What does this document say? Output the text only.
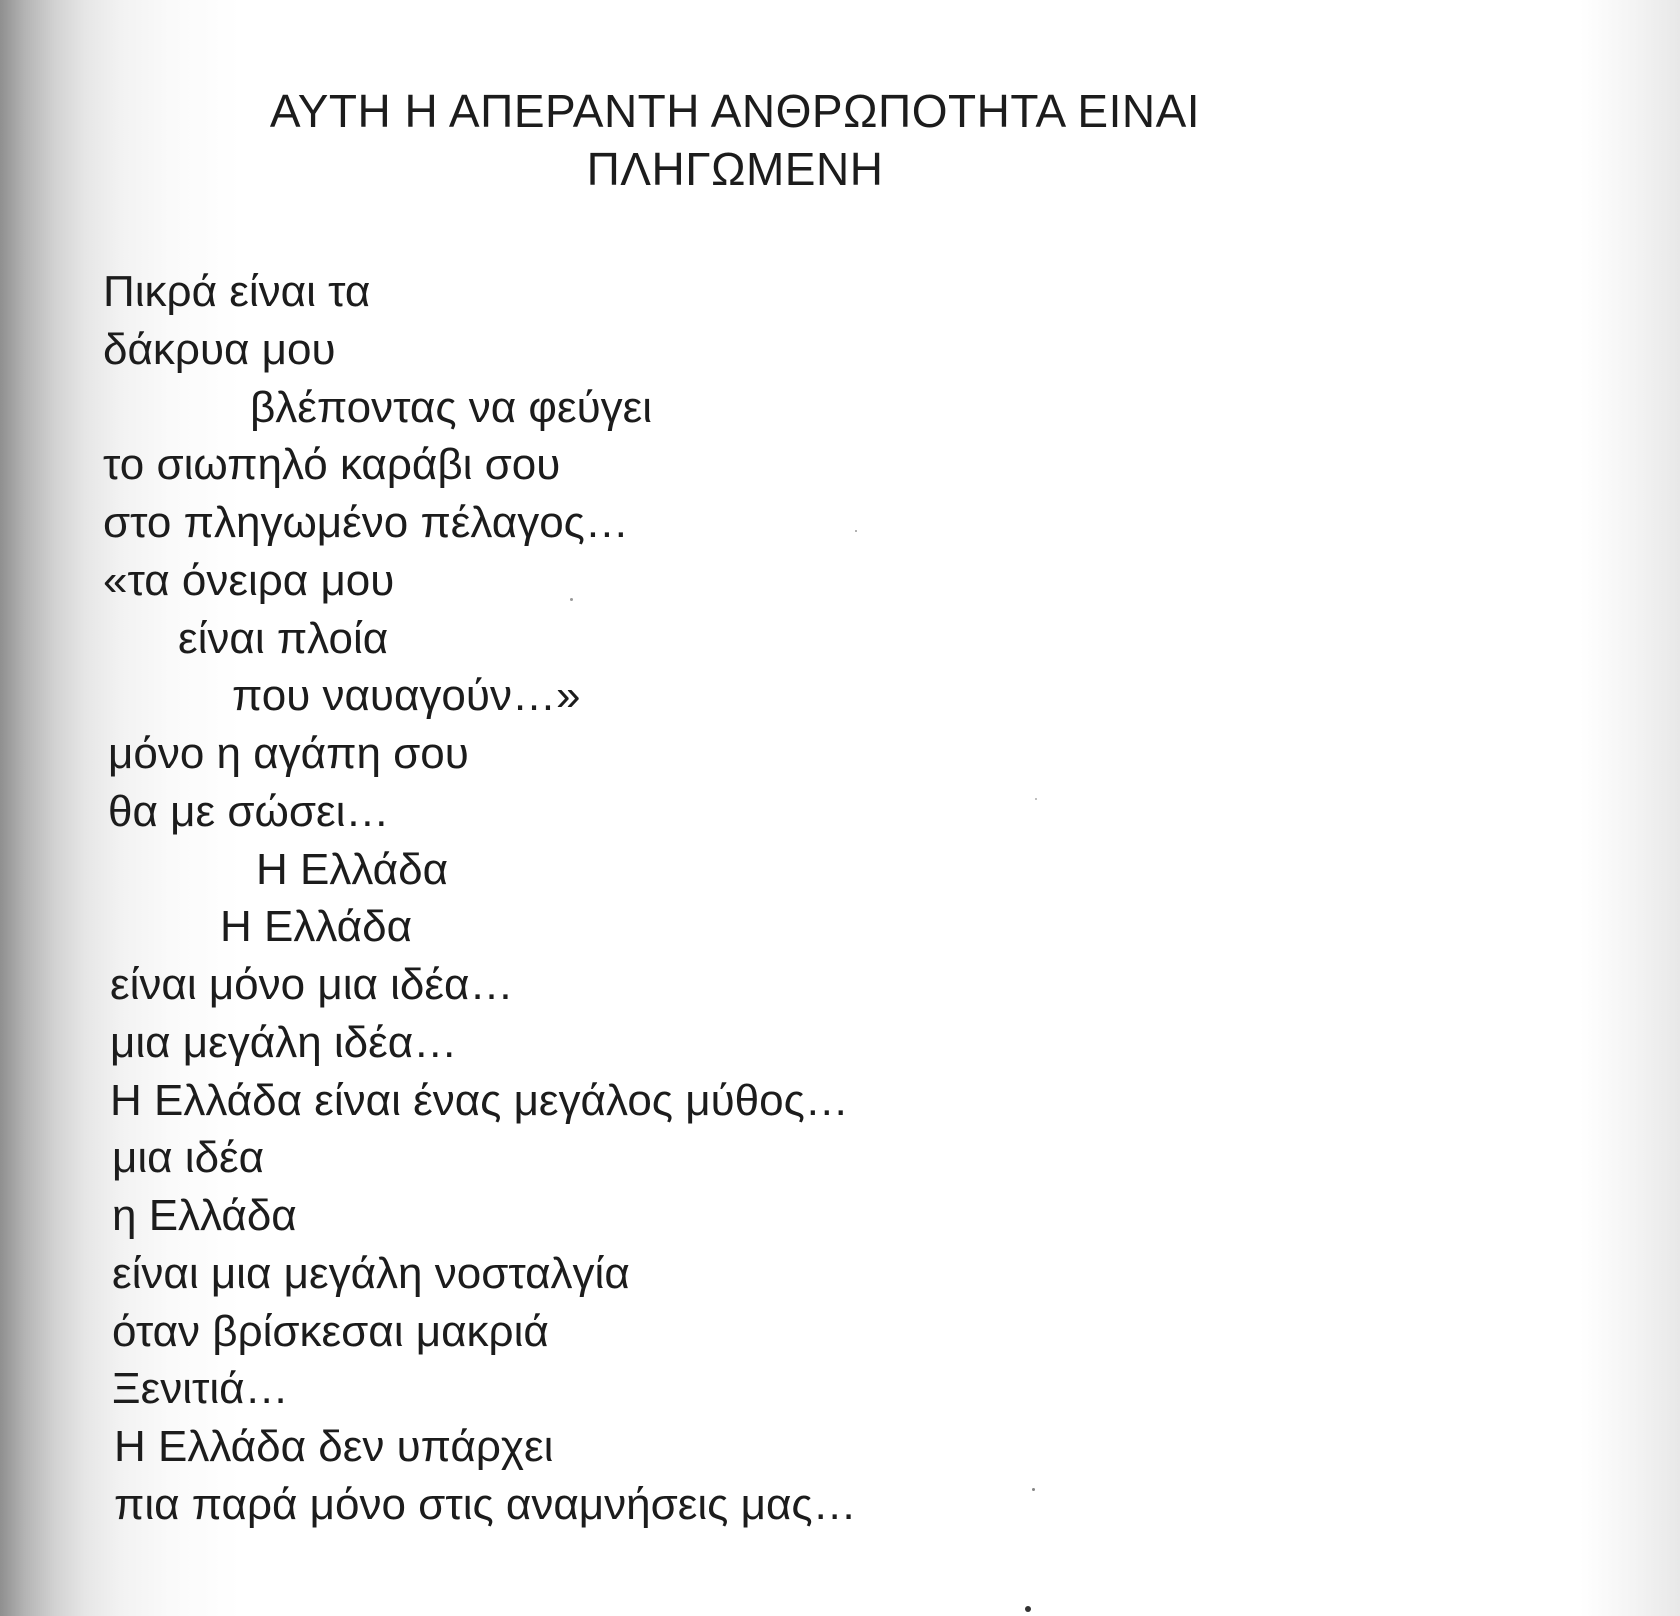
ΑΥΤΗ Η ΑΠΕΡΑΝΤΗ ΑΝΘΡΩΠΟΤΗΤΑ ΕΙΝΑΙ
ΠΛΗΓΩΜΕΝΗ
Πικρά είναι τα
δάκρυα μου
βλέποντας να φεύγει
το σιωπηλό καράβι σου
στο πληγωμένο πέλαγος…
«τα όνειρα μου
είναι πλοία
που ναυαγούν…»
μόνο η αγάπη σου
θα με σώσει…
Η Ελλάδα
Η Ελλάδα
είναι μόνο μια ιδέα…
μια μεγάλη ιδέα…
Η Ελλάδα είναι ένας μεγάλος μύθος…
μια ιδέα
η Ελλάδα
είναι μια μεγάλη νοσταλγία
όταν βρίσκεσαι μακριά
Ξενιτιά…
Η Ελλάδα δεν υπάρχει
πια παρά μόνο στις αναμνήσεις μας…
